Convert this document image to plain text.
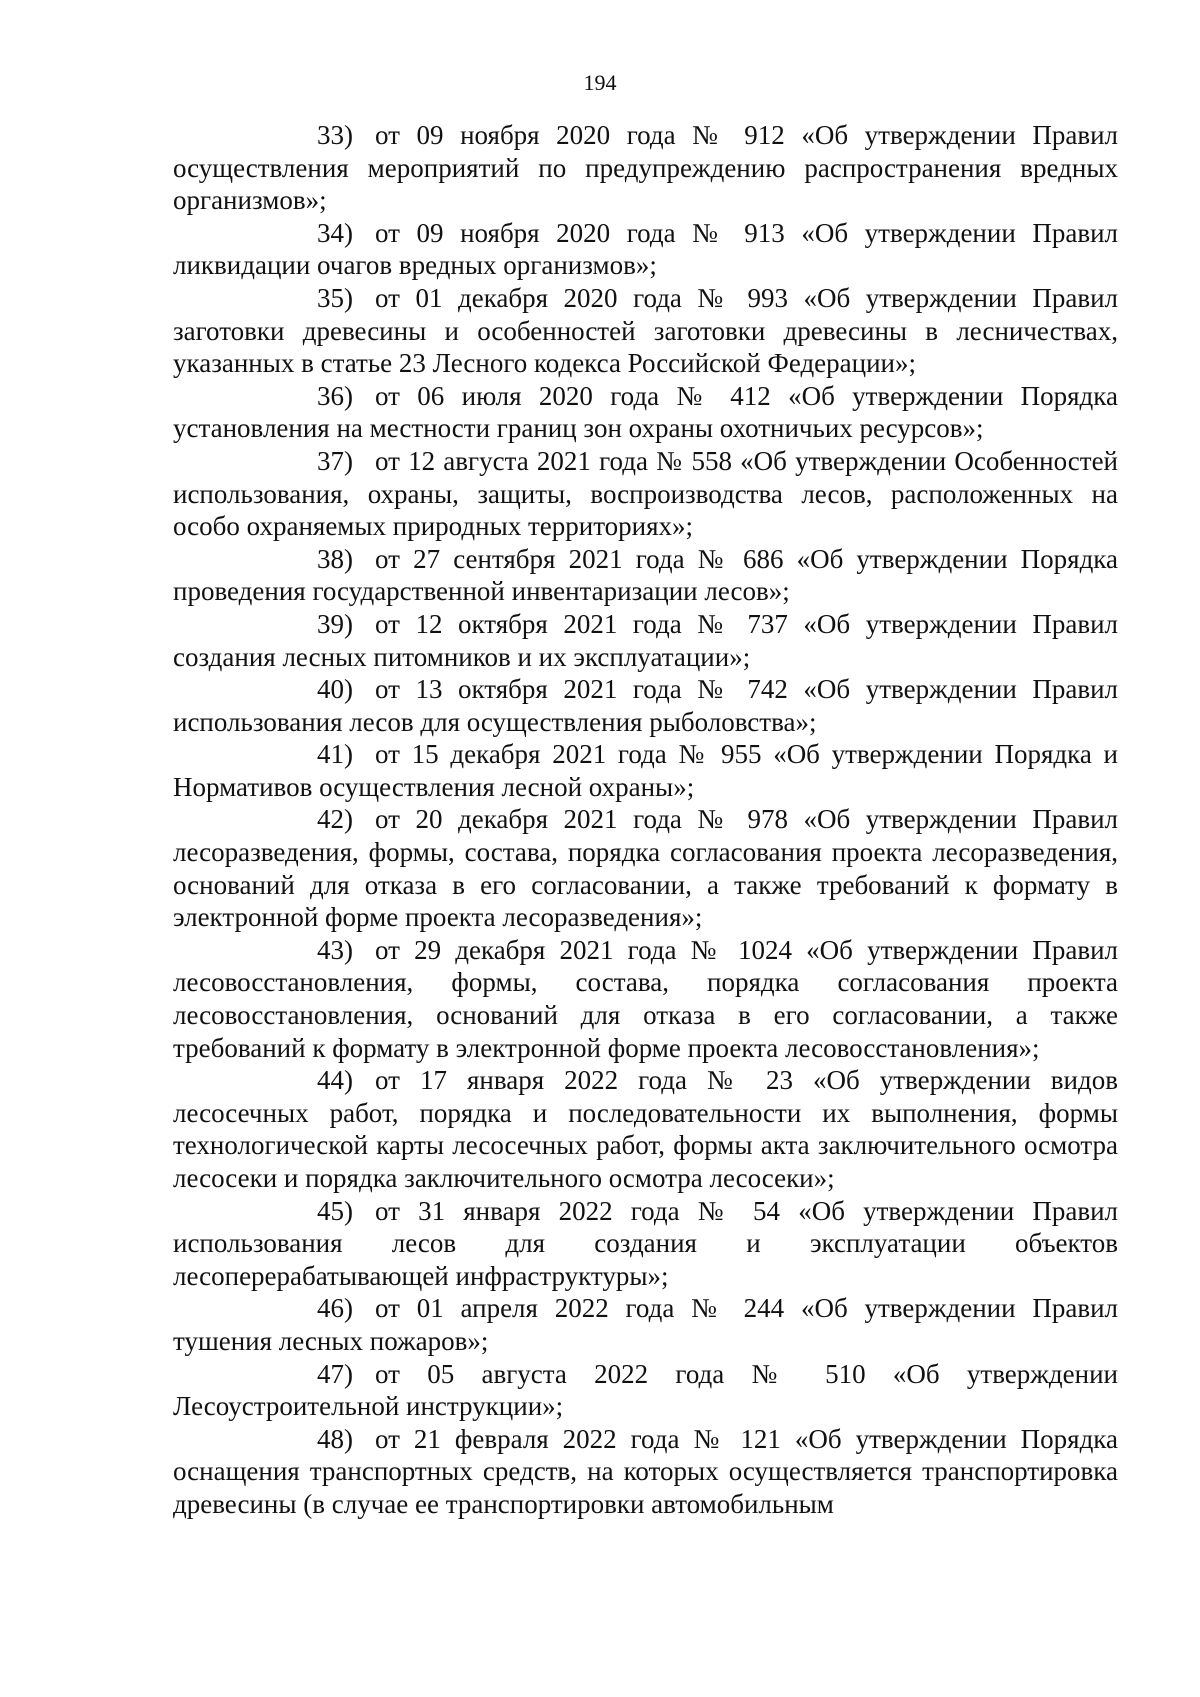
194

33) от 09 ноября 2020 года № 912 «Об утверждении Правил осуществления мероприятий по предупреждению распространения вредных организмов»;

34) от 09 ноября 2020 года № 913 «Об утверждении Правил ликвидации очагов вредных организмов»;

35) от 01 декабря 2020 года № 993 «Об утверждении Правил заготовки древесины и особенностей заготовки древесины в лесничествах, указанных в статье 23 Лесного кодекса Российской Федерации»;

36) от 06 июля 2020 года № 412 «Об утверждении Порядка установления на местности границ зон охраны охотничьих ресурсов»;

37) от 12 августа 2021 года № 558 «Об утверждении Особенностей использования, охраны, защиты, воспроизводства лесов, расположенных на особо охраняемых природных территориях»;

38) от 27 сентября 2021 года № 686 «Об утверждении Порядка проведения государственной инвентаризации лесов»;

39) от 12 октября 2021 года № 737 «Об утверждении Правил создания лесных питомников и их эксплуатации»;

40) от 13 октября 2021 года № 742 «Об утверждении Правил использования лесов для осуществления рыболовства»;

41) от 15 декабря 2021 года № 955 «Об утверждении Порядка и Нормативов осуществления лесной охраны»;

42) от 20 декабря 2021 года № 978 «Об утверждении Правил лесоразведения, формы, состава, порядка согласования проекта лесоразведения, оснований для отказа в его согласовании, а также требований к формату в электронной форме проекта лесоразведения»;

43) от 29 декабря 2021 года № 1024 «Об утверждении Правил лесовосстановления, формы, состава, порядка согласования проекта лесовосстановления, оснований для отказа в его согласовании, а также требований к формату в электронной форме проекта лесовосстановления»;

44) от 17 января 2022 года № 23 «Об утверждении видов лесосечных работ, порядка и последовательности их выполнения, формы технологической карты лесосечных работ, формы акта заключительного осмотра лесосеки и порядка заключительного осмотра лесосеки»;

45) от 31 января 2022 года № 54 «Об утверждении Правил использования лесов для создания и эксплуатации объектов лесоперерабатывающей инфраструктуры»;

46) от 01 апреля 2022 года № 244 «Об утверждении Правил тушения лесных пожаров»;

47) от 05 августа 2022 года № 510 «Об утверждении Лесоустроительной инструкции»;

48) от 21 февраля 2022 года № 121 «Об утверждении Порядка оснащения транспортных средств, на которых осуществляется транспортировка древесины (в случае ее транспортировки автомобильным
